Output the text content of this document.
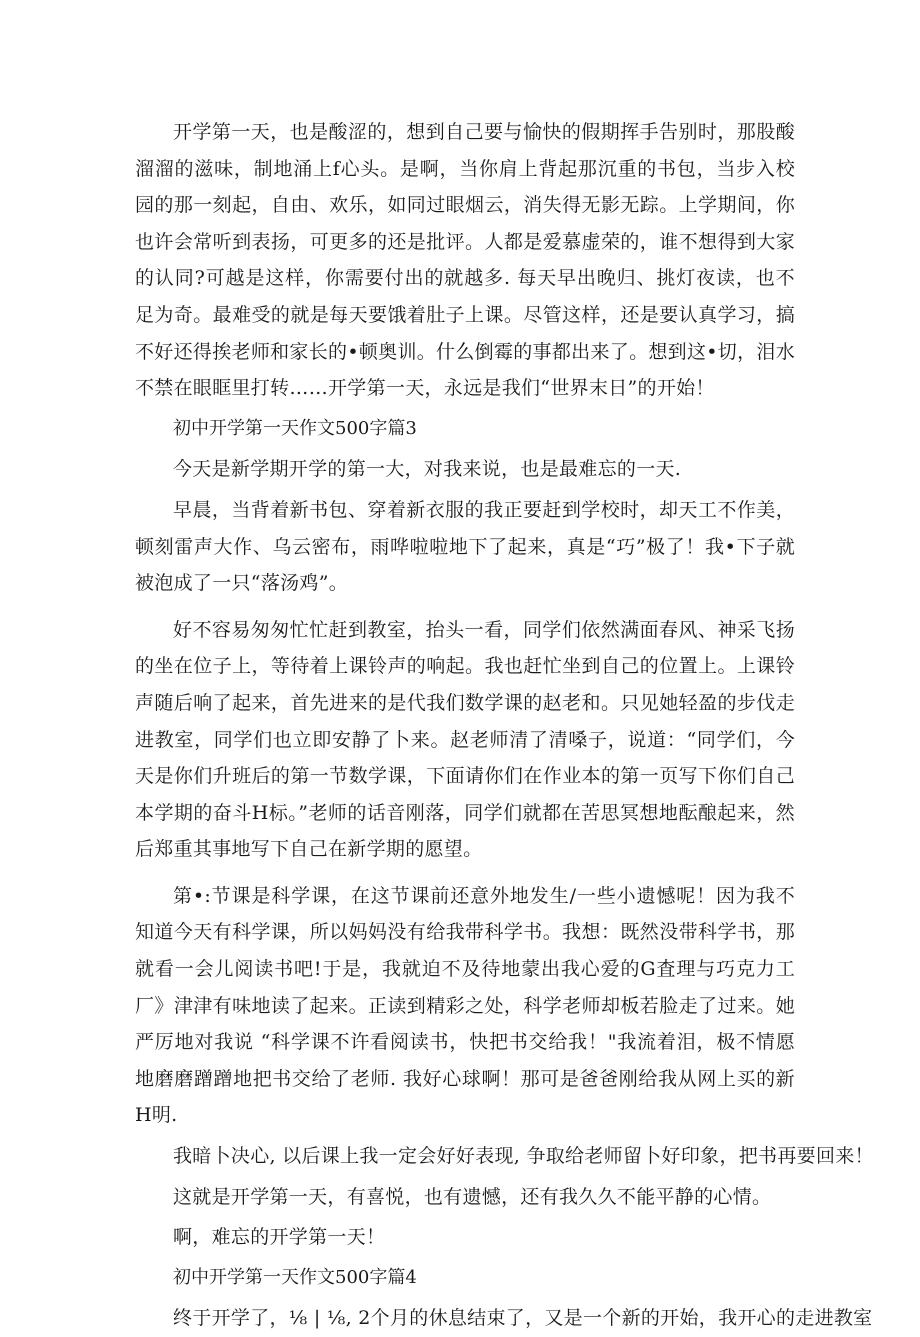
开学第一天，也是酸涩的，想到自己要与愉快的假期挥手告别时，那股酸溜溜的滋味，制地涌上f心头。是啊，当你肩上背起那沉重的书包，当步入校园的那一刻起，自由、欢乐，如同过眼烟云，消失得无影无踪。上学期间，你也许会常听到表扬，可更多的还是批评。人都是爱慕虚荣的，谁不想得到大家的认同?可越是这样，你需要付出的就越多. 每天早出晚归、挑灯夜读，也不足为奇。最难受的就是每天要饿着肚子上课。尽管这样，还是要认真学习，搞不好还得挨老师和家长的•顿奥训。什么倒霉的事都出来了。想到这•切，泪水不禁在眼眶里打转……开学第一天，永远是我们“世界末日”的开始！

初中开学第一天作文500字篇3

今天是新学期开学的第一大，对我来说，也是最难忘的一天.

早晨，当背着新书包、穿着新衣服的我正要赶到学校时，却天工不作美，顿刻雷声大作、乌云密布，雨哗啦啦地下了起来，真是“巧”极了！我•下子就被泡成了一只“落汤鸡”。

好不容易匆匆忙忙赶到教室，抬头一看，同学们依然满面春风、神采飞扬的坐在位子上，等待着上课铃声的响起。我也赶忙坐到自己的位置上。上课铃声随后响了起来，首先进来的是代我们数学课的赵老和。只见她轻盈的步伐走进教室，同学们也立即安静了卜来。赵老师清了清嗓子，说道：“同学们，今天是你们升班后的第一节数学课，下面请你们在作业本的第一页写下你们自己本学期的奋斗H标。”老师的话音刚落，同学们就都在苦思冥想地酝酿起来，然后郑重其事地写下自己在新学期的愿望。

第•:节课是科学课，在这节课前还意外地发生/一些小遗憾呢！因为我不知道今天有科学课，所以妈妈没有给我带科学书。我想：既然没带科学书，那就看一会儿阅读书吧!于是，我就迫不及待地蒙出我心爱的G査理与巧克力工厂》津津有味地读了起来。正读到精彩之处，科学老师却板若脸走了过来。她严厉地对我说 “科学课不许看阅读书，快把书交给我！"我流着泪，极不情愿地磨磨蹭蹭地把书交给了老师. 我好心球啊！那可是爸爸刚给我从网上买的新H明.

我暗卜决心, 以后课上我一定会好好表现, 争取给老师留卜好印象，把书再要回来！

这就是开学第一天，有喜悦，也有遗憾，还有我久久不能平静的心情。

啊，难忘的开学第一天！

初中开学第一天作文500字篇4

终于开学了，⅛ | ⅛, 2个月的休息结束了，又是一个新的开始，我开心的走进教室
